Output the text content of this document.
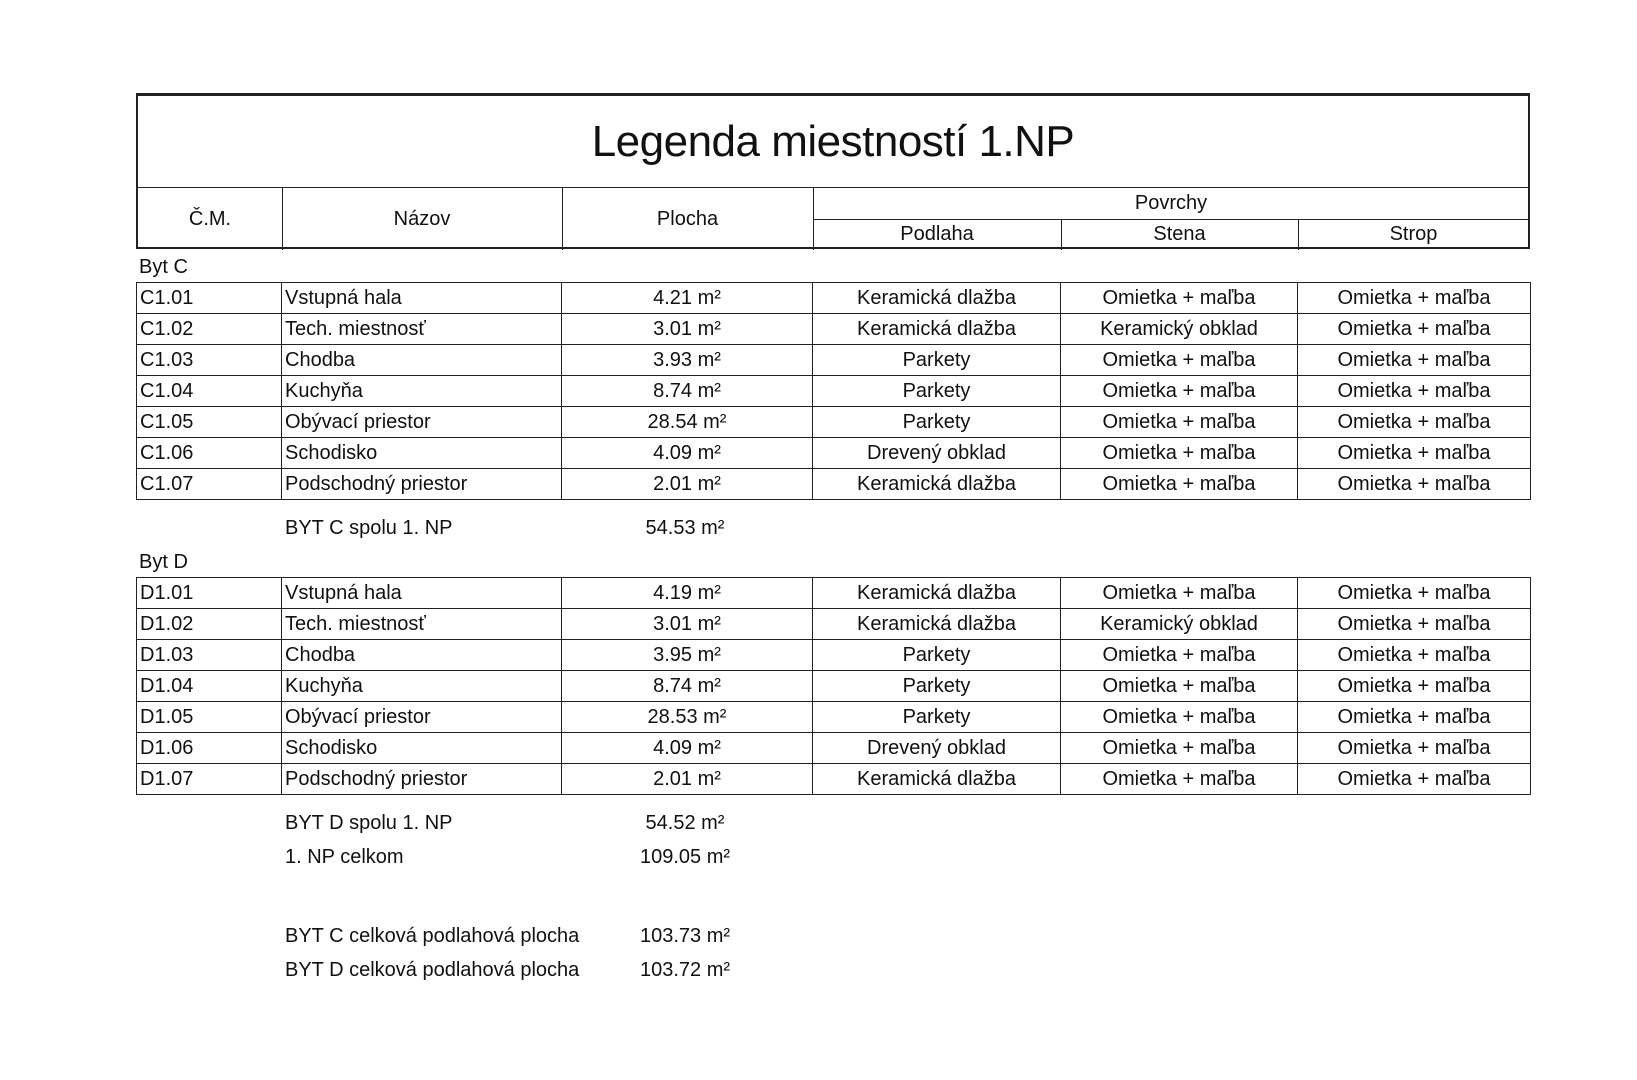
Legenda miestností 1.NP
Č.M.	Názov	Plocha
Povrchy
Podlaha	Stena	Strop
Byt C
C1.01	Vstupná hala	4.21 m²	Keramická dlažba	Omietka + maľba	Omietka + maľba
C1.02	Tech. miestnosť	3.01 m²	Keramická dlažba	Keramický obklad	Omietka + maľba
C1.03	Chodba	3.93 m²	Parkety	Omietka + maľba	Omietka + maľba
C1.04	Kuchyňa	8.74 m²	Parkety	Omietka + maľba	Omietka + maľba
C1.05	Obývací priestor	28.54 m²	Parkety	Omietka + maľba	Omietka + maľba
C1.06	Schodisko	4.09 m²	Drevený obklad	Omietka + maľba	Omietka + maľba
C1.07	Podschodný priestor	2.01 m²	Keramická dlažba	Omietka + maľba	Omietka + maľba
BYT C spolu 1. NP	54.53 m²
Byt D
D1.01	Vstupná hala	4.19 m²	Keramická dlažba	Omietka + maľba	Omietka + maľba
D1.02	Tech. miestnosť	3.01 m²	Keramická dlažba	Keramický obklad	Omietka + maľba
D1.03	Chodba	3.95 m²	Parkety	Omietka + maľba	Omietka + maľba
D1.04	Kuchyňa	8.74 m²	Parkety	Omietka + maľba	Omietka + maľba
D1.05	Obývací priestor	28.53 m²	Parkety	Omietka + maľba	Omietka + maľba
D1.06	Schodisko	4.09 m²	Drevený obklad	Omietka + maľba	Omietka + maľba
D1.07	Podschodný priestor	2.01 m²	Keramická dlažba	Omietka + maľba	Omietka + maľba
BYT D spolu 1. NP	54.52 m²
1. NP celkom	109.05 m²
BYT C celková podlahová plocha	103.73 m²
BYT D celková podlahová plocha	103.72 m²
